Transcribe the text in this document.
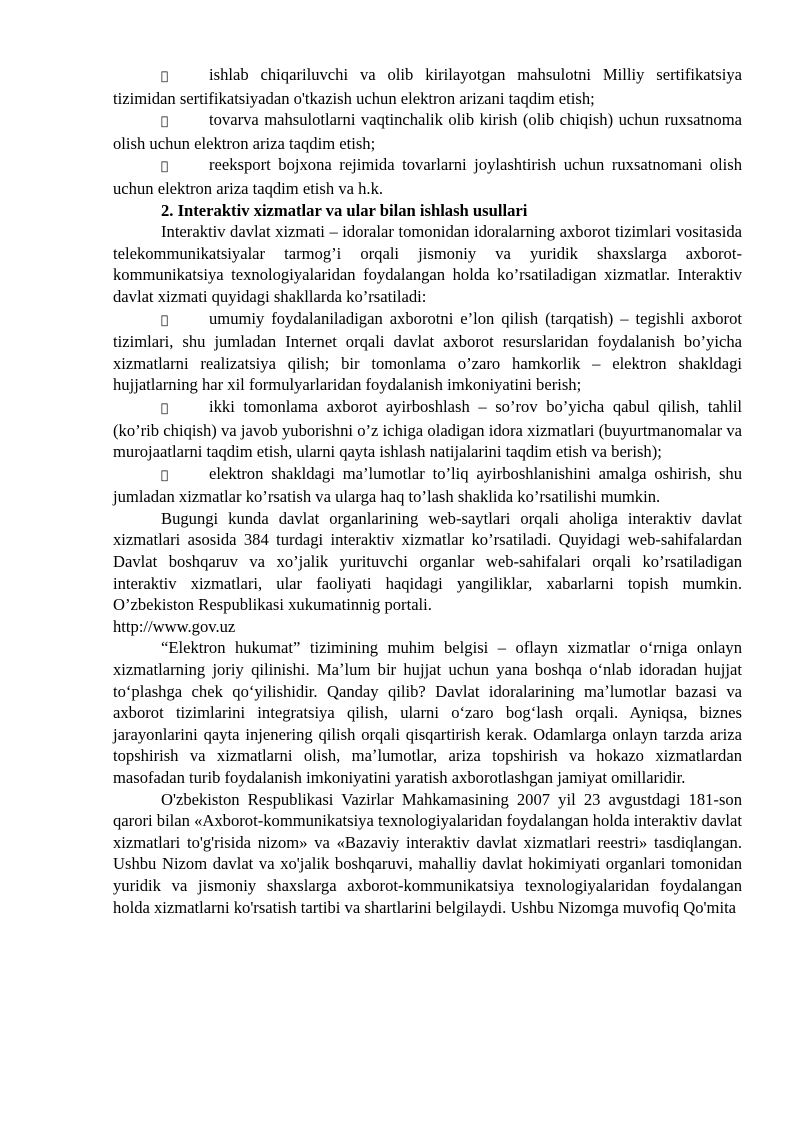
ishlab chiqariluvchi va olib kirilayotgan mahsulotni Milliy sertifikatsiya tizimidan sertifikatsiyadan o'tkazish uchun elektron arizani taqdim etish;

tovarva mahsulotlarni vaqtinchalik olib kirish (olib chiqish) uchun ruxsatnoma olish uchun elektron ariza taqdim etish;

reeksport bojxona rejimida tovarlarni joylashtirish uchun ruxsatnomani olish uchun elektron ariza taqdim etish va h.k.

2. Interaktiv xizmatlar va ular bilan ishlash usullari

Interaktiv davlat xizmati – idoralar tomonidan idoralarning axborot tizimlari vositasida telekommunikatsiyalar tarmog’i orqali jismoniy va yuridik shaxslarga axborot-kommunikatsiya texnologiyalaridan foydalangan holda ko’rsatiladigan xizmatlar. Interaktiv davlat xizmati quyidagi shakllarda ko’rsatiladi:

umumiy foydalaniladigan axborotni e’lon qilish (tarqatish) – tegishli axborot tizimlari, shu jumladan Internet orqali davlat axborot resurslaridan foydalanish bo’yicha xizmatlarni realizatsiya qilish; bir tomonlama o’zaro hamkorlik – elektron shakldagi hujjatlarning har xil formulyarlaridan foydalanish imkoniyatini berish;

ikki tomonlama axborot ayirboshlash – so’rov bo’yicha qabul qilish, tahlil (ko’rib chiqish) va javob yuborishni o’z ichiga oladigan idora xizmatlari (buyurtmanomalar va murojaatlarni taqdim etish, ularni qayta ishlash natijalarini taqdim etish va berish);

elektron shakldagi ma’lumotlar to’liq ayirboshlanishini amalga oshirish, shu jumladan xizmatlar ko’rsatish va ularga haq to’lash shaklida ko’rsatilishi mumkin.

Bugungi kunda davlat organlarining web-saytlari orqali aholiga interaktiv davlat xizmatlari asosida 384 turdagi interaktiv xizmatlar ko’rsatiladi. Quyidagi web-sahifalardan Davlat boshqaruv va xo’jalik yurituvchi organlar web-sahifalari orqali ko’rsatiladigan interaktiv xizmatlari, ular faoliyati haqidagi yangiliklar, xabarlarni topish mumkin. O’zbekiston Respublikasi xukumatinnig portali.

http://www.gov.uz

“Elektron hukumat” tizimining muhim belgisi – oflayn xizmatlar oʻrniga onlayn xizmatlarning joriy qilinishi. Maʼlum bir hujjat uchun yana boshqa oʻnlab idoradan hujjat toʻplashga chek qoʻyilishidir. Qanday qilib? Davlat idoralarining maʼlumotlar bazasi va axborot tizimlarini integratsiya qilish, ularni oʻzaro bogʻlash orqali. Ayniqsa, biznes jarayonlarini qayta injenering qilish orqali qisqartirish kerak. Odamlarga onlayn tarzda ariza topshirish va xizmatlarni olish, maʼlumotlar, ariza topshirish va hokazo xizmatlardan masofadan turib foydalanish imkoniyatini yaratish axborotlashgan jamiyat omillaridir.

O'zbekiston Respublikasi Vazirlar Mahkamasining 2007 yil 23 avgustdagi 181-son qarori bilan «Axborot-kommunikatsiya texnologiyalaridan foydalangan holda interaktiv davlat xizmatlari to'g'risida nizom» va «Bazaviy interaktiv davlat xizmatlari reestri» tasdiqlangan. Ushbu Nizom davlat va xo'jalik boshqaruvi, mahalliy davlat hokimiyati organlari tomonidan yuridik va jismoniy shaxslarga axborot-kommunikatsiya texnologiyalaridan foydalangan holda xizmatlarni ko'rsatish tartibi va shartlarini belgilaydi. Ushbu Nizomga muvofiq Qo'mita
